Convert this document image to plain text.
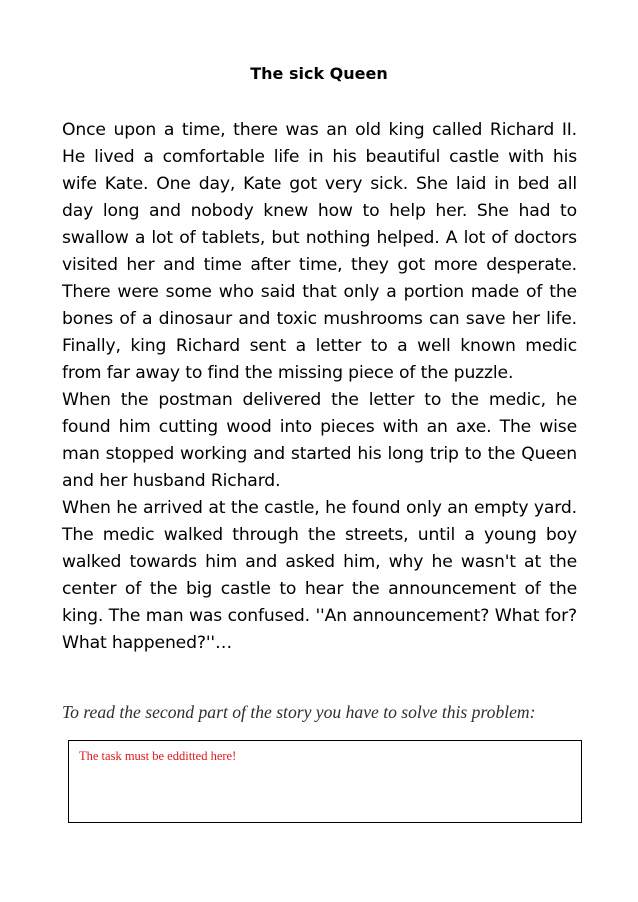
The sick Queen

Once upon a time, there was an old king called Richard II. He lived a comfortable life in his beautiful castle with his wife Kate. One day, Kate got very sick. She laid in bed all day long and nobody knew how to help her. She had to swallow a lot of tablets, but nothing helped. A lot of doctors visited her and time after time, they got more desperate. There were some who said that only a portion made of the bones of a dinosaur and toxic mushrooms can save her life. Finally, king Richard sent a letter to a well known medic from far away to find the missing piece of the puzzle.

When the postman delivered the letter to the medic, he found him cutting wood into pieces with an axe. The wise man stopped working and started his long trip to the Queen and her husband Richard.

When he arrived at the castle, he found only an empty yard. The medic walked through the streets, until a young boy walked towards him and asked him, why he wasn't at the center of the big castle to hear the announcement of the king. The man was confused. ''An announcement? What for? What happened?''…

To read the second part of the story you have to solve this problem:
The task must be edditted here!
